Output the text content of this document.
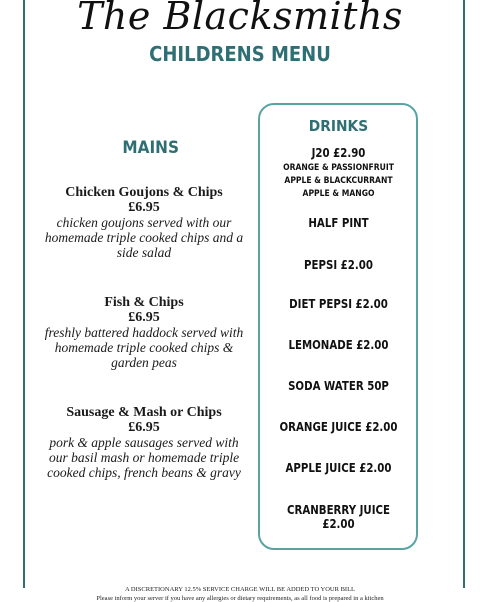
The Blacksmiths
CHILDRENS MENU
MAINS
Chicken Goujons & Chips
£6.95
chicken goujons served with our
homemade triple cooked chips and a
side salad
Fish & Chips
£6.95
freshly battered haddock served with
homemade triple cooked chips &
garden peas
Sausage & Mash or Chips
£6.95
pork & apple sausages served with
our basil mash or homemade triple
cooked chips, french beans & gravy
DRINKS
J20 £2.90
ORANGE & PASSIONFRUIT
APPLE & BLACKCURRANT
APPLE & MANGO
HALF PINT
PEPSI £2.00
DIET PEPSI £2.00
LEMONADE £2.00
SODA WATER 50P
ORANGE JUICE £2.00
APPLE JUICE £2.00
CRANBERRY JUICE £2.00
A DISCRETIONARY 12.5% SERVICE CHARGE WILL BE ADDED TO YOUR BILL
Please inform your server if you have any allergies or dietary requirements, as all food is prepared in a kitchen
